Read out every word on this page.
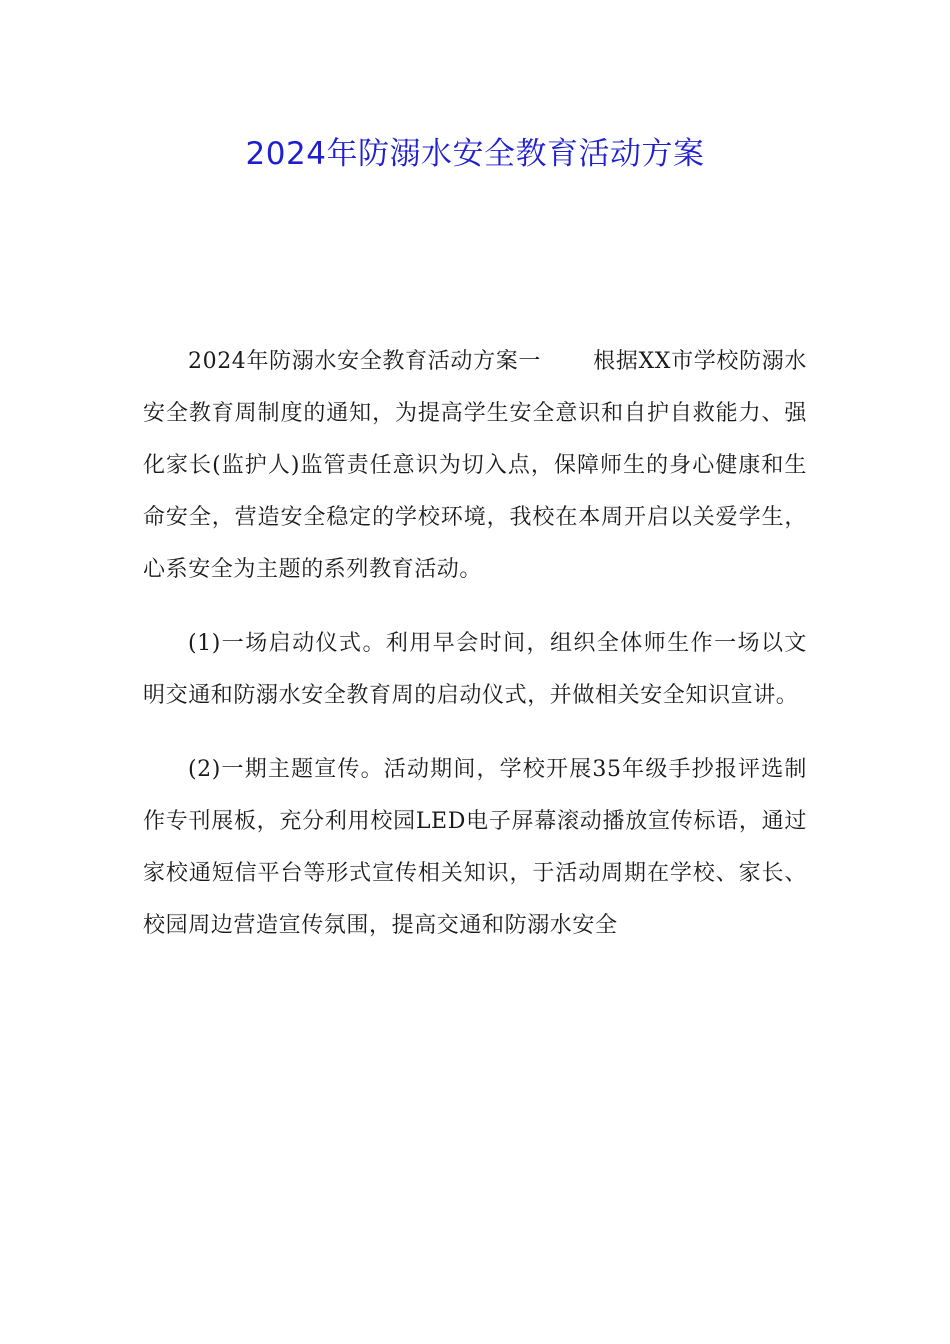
2024年防溺水安全教育活动方案

2024年防溺水安全教育活动方案一 根据XX市学校防溺水安全教育周制度的通知，为提高学生安全意识和自护自救能力、强化家长(监护人)监管责任意识为切入点，保障师生的身心健康和生命安全，营造安全稳定的学校环境，我校在本周开启以关爱学生，心系安全为主题的系列教育活动。

(1)一场启动仪式。利用早会时间，组织全体师生作一场以文明交通和防溺水安全教育周的启动仪式，并做相关安全知识宣讲。

(2)一期主题宣传。活动期间，学校开展35年级手抄报评选制作专刊展板，充分利用校园LED电子屏幕滚动播放宣传标语，通过家校通短信平台等形式宣传相关知识，于活动周期在学校、家长、校园周边营造宣传氛围，提高交通和防溺水安全
